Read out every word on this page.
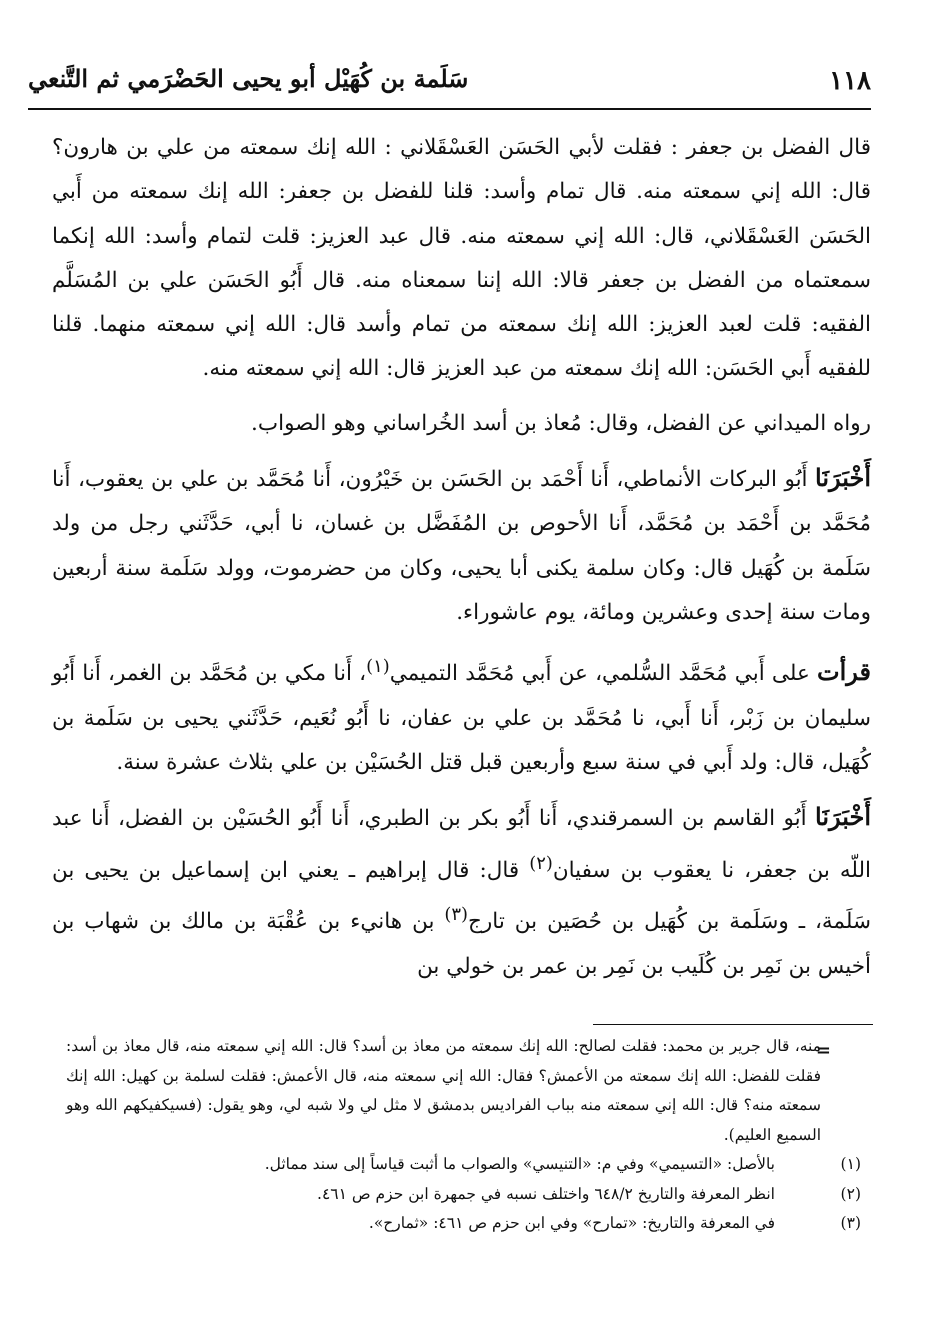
١١٨
سَلَمة بن كُهَيْل أبو يحيى الحَضْرَمي ثم التَّنعي

قال الفضل بن جعفر : فقلت لأبي الحَسَن العَسْقَلاني : الله إنك سمعته من علي بن هارون؟ قال: الله إني سمعته منه. قال تمام وأسد: قلنا للفضل بن جعفر: الله إنك سمعته من أَبي الحَسَن العَسْقَلاني، قال: الله إني سمعته منه. قال عبد العزيز: قلت لتمام وأسد: الله إنكما سمعتماه من الفضل بن جعفر قالا: الله إننا سمعناه منه. قال أَبُو الحَسَن علي بن المُسَلَّم الفقيه: قلت لعبد العزيز: الله إنك سمعته من تمام وأسد قال: الله إني سمعته منهما. قلنا للفقيه أَبي الحَسَن: الله إنك سمعته من عبد العزيز قال: الله إني سمعته منه.

رواه الميداني عن الفضل، وقال: مُعاذ بن أسد الخُراساني وهو الصواب.

أَخْبَرَنَا أَبُو البركات الأنماطي، أَنا أَحْمَد بن الحَسَن بن خَيْرُون، أَنا مُحَمَّد بن علي بن يعقوب، أَنا مُحَمَّد بن أَحْمَد بن مُحَمَّد، أَنا الأحوص بن المُفَضَّل بن غسان، نا أبي، حَدَّثَني رجل من ولد سَلَمة بن كُهَيل قال: وكان سلمة يكنى أبا يحيى، وكان من حضرموت، وولد سَلَمة سنة أربعين ومات سنة إحدى وعشرين ومائة، يوم عاشوراء.

قرأت على أَبي مُحَمَّد السُّلمي، عن أَبي مُحَمَّد التميمي$^{(١)}$، أَنا مكي بن مُحَمَّد بن الغمر، أَنا أَبُو سليمان بن زَبْر، أَنا أَبي، نا مُحَمَّد بن علي بن عفان، نا أَبُو نُعَيم، حَدَّثَني يحيى بن سَلَمة بن كُهَيل، قال: ولد أَبي في سنة سبع وأربعين قبل قتل الحُسَيْن بن علي بثلاث عشرة سنة.

أَخْبَرَنَا أَبُو القاسم بن السمرقندي، أَنا أَبُو بكر بن الطبري، أَنا أَبُو الحُسَيْن بن الفضل، أَنا عبد اللّه بن جعفر، نا يعقوب بن سفيان$^{(٢)}$ قال: قال إبراهيم ـ يعني ابن إسماعيل بن يحيى بن سَلَمة، ـ وسَلَمة بن كُهَيل بن حُصَين بن تارج$^{(٣)}$ بن هانيء بن عُقْبَة بن مالك بن شهاب بن أخيس بن نَمِر بن كُلَيب بن نَمِر بن عمر بن خولي بن

=

منه، قال جرير بن محمد: فقلت لصالح: الله إنك سمعته من معاذ بن أسد؟ قال: الله إني سمعته منه، قال معاذ بن أسد: فقلت للفضل: الله إنك سمعته من الأعمش؟ فقال: الله إني سمعته منه، قال الأعمش: فقلت لسلمة بن كهيل: الله إنك سمعته منه؟ قال: الله إني سمعته منه بباب الفراديس بدمشق لا مثل لي ولا شبه لي، وهو يقول: (فسيكفيكهم الله وهو السميع العليم).

(١)
بالأصل: «التسيمي» وفي م: «التنيسي» والصواب ما أثبت قياساً إلى سند مماثل.

(٢)
انظر المعرفة والتاريخ ٦٤٨/٢ واختلف نسبه في جمهرة ابن حزم ص ٤٦١.

(٣)
في المعرفة والتاريخ: «تمارح» وفي ابن حزم ص ٤٦١: «ثمارح».
